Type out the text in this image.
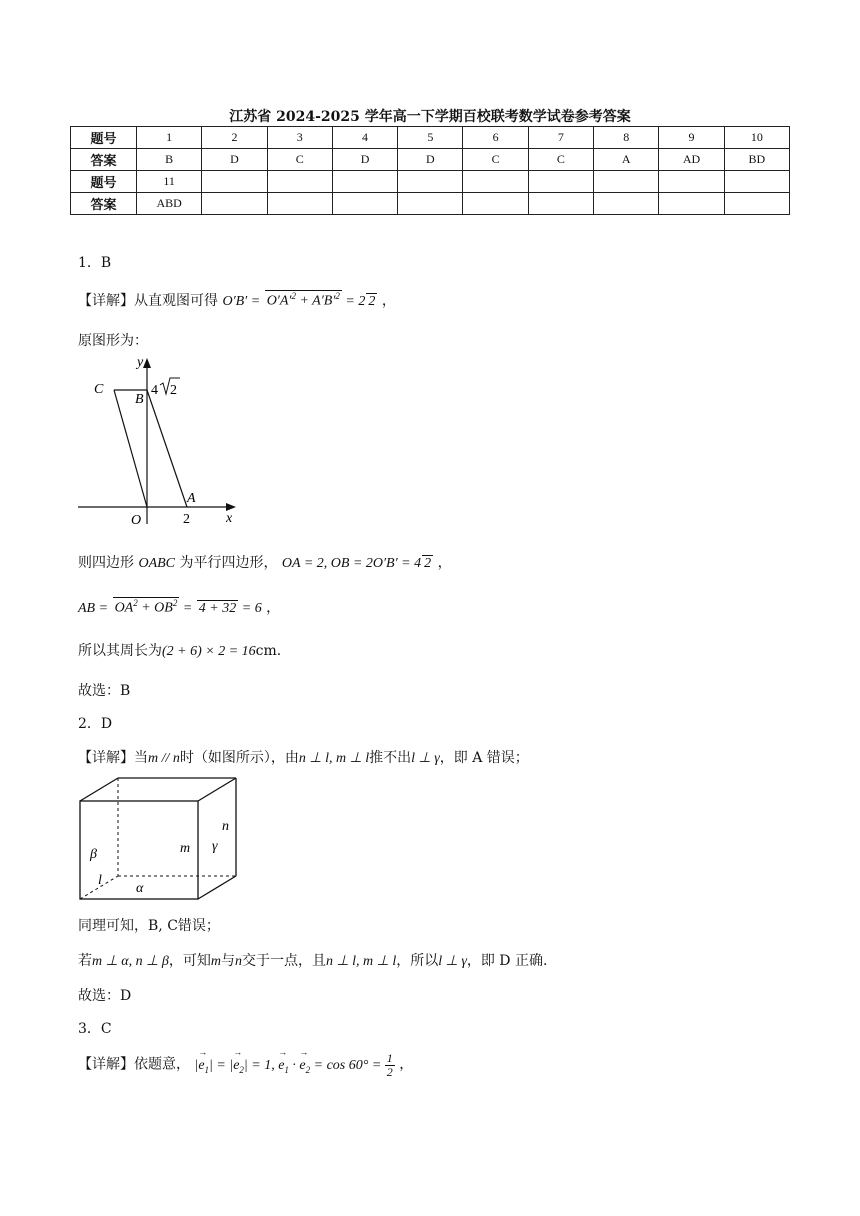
江苏省 2024-2025 学年高一下学期百校联考数学试卷参考答案
题号	1	2	3	4	5	6	7	8	9	10
答案	B	D	C	D	D	C	C	A	AD	BD
题号	11									
答案	ABD									
1．B
【详解】从直观图可得 $O'B' = O'A'^2 + A'B'^2 = 2$ 2 ，
原图形为：
y
x
O
A
B
C
2
4 2
则四边形 OABC 为平行四边形， OA = 2, OB = 2O′B′ = 4 2 ，
AB = $OA^2 + OB^2 = 4 + 32 = 6$ ，
所以其周长为(2 + 6) × 2 = 16cm.
故选：B
2．D
【详解】当m // n时（如图所示），由n ⊥ l, m ⊥ l推不出l ⊥ γ，即 A 错误；
n
m γ
β
l
α
同理可知，B, C错误；
若m ⊥ α, n ⊥ β，可知m与n交于一点，且n ⊥ l, m ⊥ l，所以l ⊥ γ，即 D 正确.
故选：D
3．C
【详解】依题意， |→ $e_1|$ = |→ $e_2| = 1$, → $e_1$ · → $e_2 = \cos 60^\circ = \frac{1}{2}$ ，
